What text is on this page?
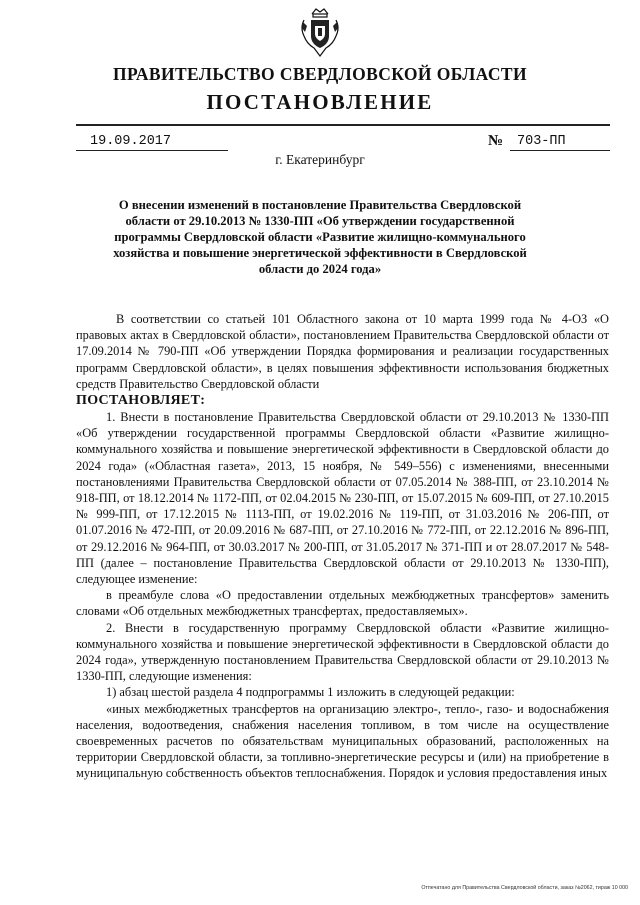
ПРАВИТЕЛЬСТВО СВЕРДЛОВСКОЙ ОБЛАСТИ
ПОСТАНОВЛЕНИЕ
19.09.2017	№ 703-ПП
г. Екатеринбург
О внесении изменений в постановление Правительства Свердловской области от 29.10.2013 № 1330-ПП «Об утверждении государственной программы Свердловской области «Развитие жилищно-коммунального хозяйства и повышение энергетической эффективности в Свердловской области до 2024 года»

В соответствии со статьей 101 Областного закона от 10 марта 1999 года № 4-ОЗ «О правовых актах в Свердловской области», постановлением Правительства Свердловской области от 17.09.2014 № 790-ПП «Об утверждении Порядка формирования и реализации государственных программ Свердловской области», в целях повышения эффективности использования бюджетных средств Правительство Свердловской области

ПОСТАНОВЛЯЕТ:

1. Внести в постановление Правительства Свердловской области от 29.10.2013 № 1330-ПП «Об утверждении государственной программы Свердловской области «Развитие жилищно-коммунального хозяйства и повышение энергетической эффективности в Свердловской области до 2024 года» («Областная газета», 2013, 15 ноября, № 549–556) с изменениями, внесенными постановлениями Правительства Свердловской области от 07.05.2014 № 388-ПП, от 23.10.2014 № 918-ПП, от 18.12.2014 № 1172-ПП, от 02.04.2015 № 230-ПП, от 15.07.2015 № 609-ПП, от 27.10.2015 № 999-ПП, от 17.12.2015 № 1113-ПП, от 19.02.2016 № 119-ПП, от 31.03.2016 № 206-ПП, от 01.07.2016 № 472-ПП, от 20.09.2016 № 687-ПП, от 27.10.2016 № 772-ПП, от 22.12.2016 № 896-ПП, от 29.12.2016 № 964-ПП, от 30.03.2017 № 200-ПП, от 31.05.2017 № 371-ПП и от 28.07.2017 № 548-ПП (далее – постановление Правительства Свердловской области от 29.10.2013 № 1330-ПП), следующее изменение:

в преамбуле слова «О предоставлении отдельных межбюджетных трансфертов» заменить словами «Об отдельных межбюджетных трансфертах, предоставляемых».

2. Внести в государственную программу Свердловской области «Развитие жилищно-коммунального хозяйства и повышение энергетической эффективности в Свердловской области до 2024 года», утвержденную постановлением Правительства Свердловской области от 29.10.2013 № 1330-ПП, следующие изменения:

1) абзац шестой раздела 4 подпрограммы 1 изложить в следующей редакции:

«иных межбюджетных трансфертов на организацию электро-, тепло-, газо- и водоснабжения населения, водоотведения, снабжения населения топливом, в том числе на осуществление своевременных расчетов по обязательствам муниципальных образований, расположенных на территории Свердловской области, за топливно-энергетические ресурсы и (или) на приобретение в муниципальную собственность объектов теплоснабжения. Порядок и условия предоставления иных

Отпечатано для Правительства Свердловской области, заказ №2062, тираж 10 000
